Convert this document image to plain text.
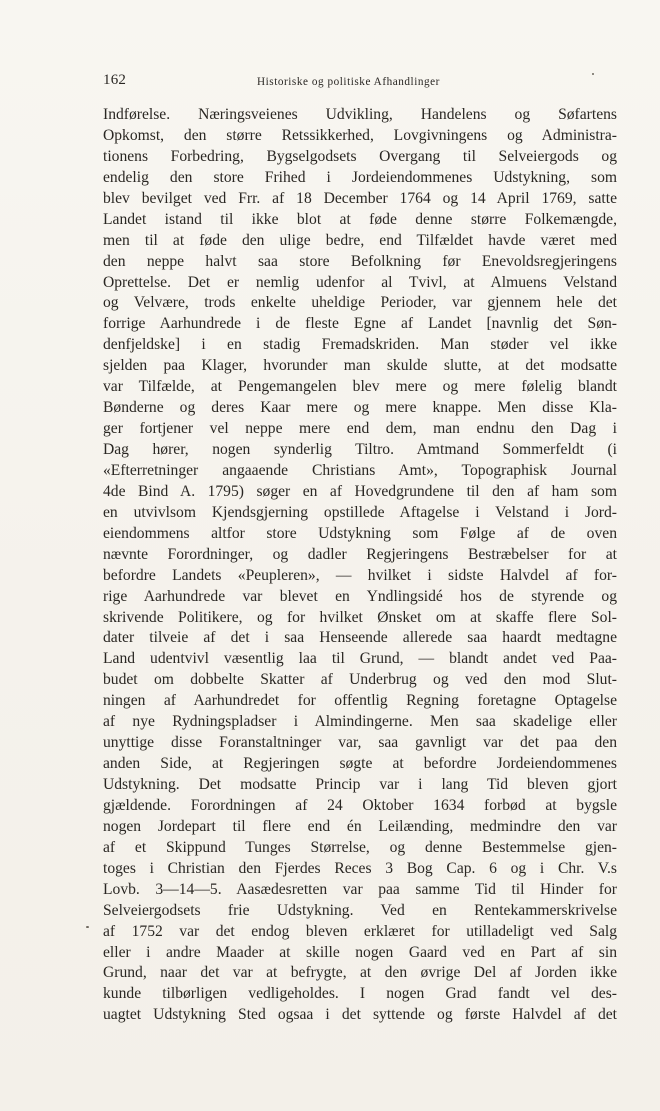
162	Historiske og politiske Afhandlinger
Indførelse. Næringsveienes Udvikling, Handelens og Søfartens
Opkomst, den større Retssikkerhed, Lovgivningens og Administra-
tionens Forbedring, Bygselgodsets Overgang til Selveiergods og
endelig den store Frihed i Jordeiendommenes Udstykning, som
blev bevilget ved Frr. af 18 December 1764 og 14 April 1769, satte
Landet istand til ikke blot at føde denne større Folkemængde,
men til at føde den ulige bedre, end Tilfældet havde været med
den neppe halvt saa store Befolkning før Enevoldsregjeringens
Oprettelse. Det er nemlig udenfor al Tvivl, at Almuens Velstand
og Velvære, trods enkelte uheldige Perioder, var gjennem hele det
forrige Aarhundrede i de fleste Egne af Landet [navnlig det Søn-
denfjeldske] i en stadig Fremadskriden. Man støder vel ikke
sjelden paa Klager, hvorunder man skulde slutte, at det modsatte
var Tilfælde, at Pengemangelen blev mere og mere følelig blandt
Bønderne og deres Kaar mere og mere knappe. Men disse Kla-
ger fortjener vel neppe mere end dem, man endnu den Dag i
Dag hører, nogen synderlig Tiltro. Amtmand Sommerfeldt (i
«Efterretninger angaaende Christians Amt», Topographisk Journal
4de Bind A. 1795) søger en af Hovedgrundene til den af ham som
en utvivlsom Kjendsgjerning opstillede Aftagelse i Velstand i Jord-
eiendommens altfor store Udstykning som Følge af de oven
nævnte Forordninger, og dadler Regjeringens Bestræbelser for at
befordre Landets «Peupleren», — hvilket i sidste Halvdel af for-
rige Aarhundrede var blevet en Yndlingsidé hos de styrende og
skrivende Politikere, og for hvilket Ønsket om at skaffe flere Sol-
dater tilveie af det i saa Henseende allerede saa haardt medtagne
Land udentvivl væsentlig laa til Grund, — blandt andet ved Paa-
budet om dobbelte Skatter af Underbrug og ved den mod Slut-
ningen af Aarhundredet for offentlig Regning foretagne Optagelse
af nye Rydningspladser i Almindingerne. Men saa skadelige eller
unyttige disse Foranstaltninger var, saa gavnligt var det paa den
anden Side, at Regjeringen søgte at befordre Jordeiendommenes
Udstykning. Det modsatte Princip var i lang Tid bleven gjort
gjældende. Forordningen af 24 Oktober 1634 forbød at bygsle
nogen Jordepart til flere end én Leilænding, medmindre den var
af et Skippund Tunges Størrelse, og denne Bestemmelse gjen-
toges i Christian den Fjerdes Reces 3 Bog Cap. 6 og i Chr. V.s
Lovb. 3—14—5. Aasædesretten var paa samme Tid til Hinder for
Selveiergodsets frie Udstykning. Ved en Rentekammerskrivelse
af 1752 var det endog bleven erklæret for utilladeligt ved Salg
eller i andre Maader at skille nogen Gaard ved en Part af sin
Grund, naar det var at befrygte, at den øvrige Del af Jorden ikke
kunde tilbørligen vedligeholdes. I nogen Grad fandt vel des-
uagtet Udstykning Sted ogsaa i det syttende og første Halvdel af det
